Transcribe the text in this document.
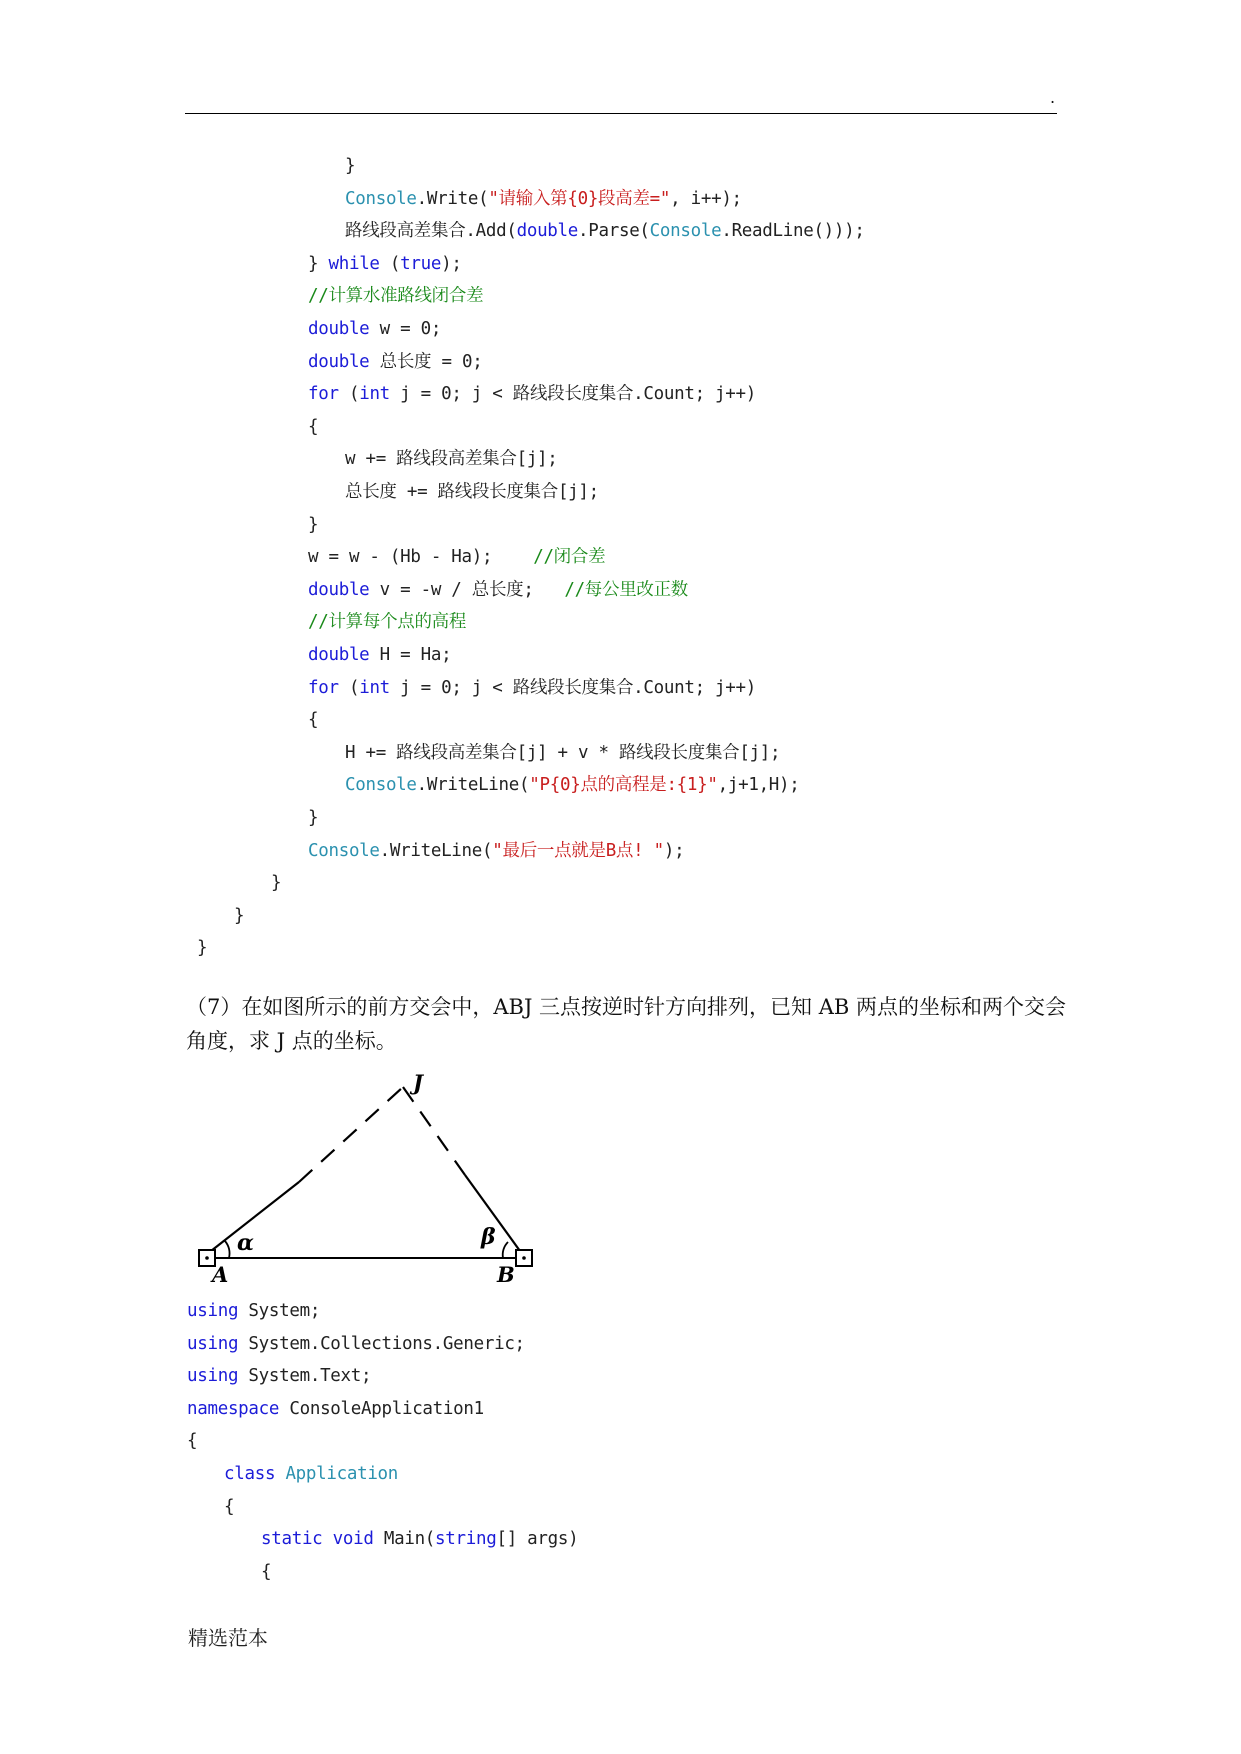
.
}
Console.Write("请输入第{0}段高差=", i++);
路线段高差集合.Add(double.Parse(Console.ReadLine()));
} while (true);
//计算水准路线闭合差
double w = 0;
double 总长度 = 0;
for (int j = 0; j < 路线段长度集合.Count; j++)
{
w += 路线段高差集合[j];
总长度 += 路线段长度集合[j];
}
w = w - (Hb - Ha);    //闭合差
double v = -w / 总长度;   //每公里改正数
//计算每个点的高程
double H = Ha;
for (int j = 0; j < 路线段长度集合.Count; j++)
{
H += 路线段高差集合[j] + v * 路线段长度集合[j];
Console.WriteLine("P{0}点的高程是:{1}",j+1,H);
}
Console.WriteLine("最后一点就是B点! ");
}
}
}
（7）在如图所示的前方交会中，ABJ 三点按逆时针方向排列，已知 AB 两点的坐标和两个交会角度，求 J 点的坐标。
α	β
A	B
J
using System;
using System.Collections.Generic;
using System.Text;
namespace ConsoleApplication1
{
class Application
{
static void Main(string[] args)
{
精选范本
